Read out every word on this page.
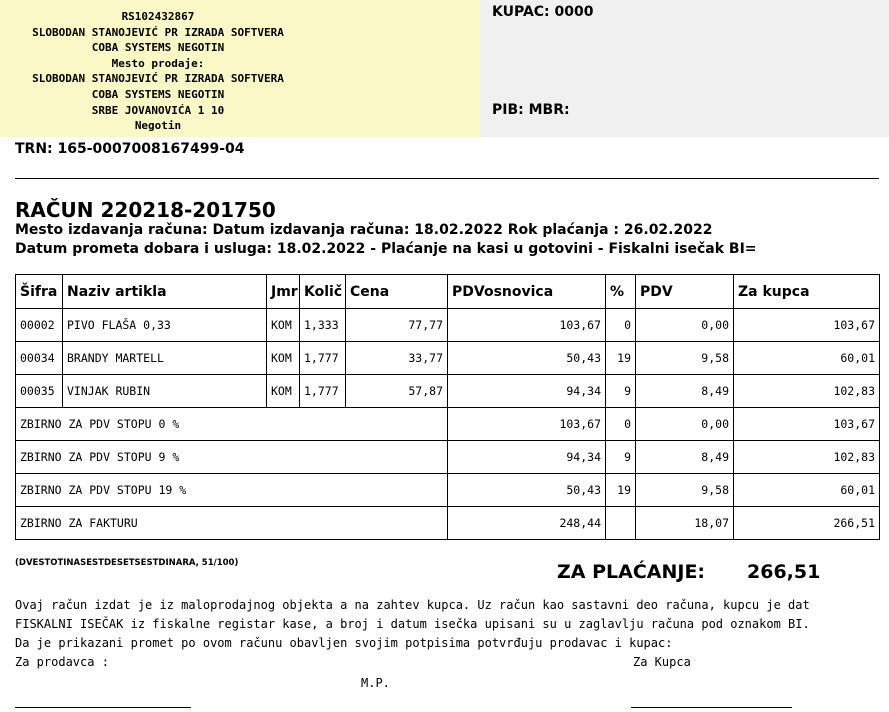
RS102432867
SLOBODAN STANOJEVIĆ PR IZRADA SOFTVERA
COBA SYSTEMS NEGOTIN
Mesto prodaje:
SLOBODAN STANOJEVIĆ PR IZRADA SOFTVERA
COBA SYSTEMS NEGOTIN
SRBE JOVANOVIĆA 1 10
Negotin
KUPAC: 0000
PIB: MBR:
TRN: 165-0007008167499-04
RAČUN 220218-201750
Mesto izdavanja računa: Datum izdavanja računa: 18.02.2022 Rok plaćanja : 26.02.2022
Datum prometa dobara i usluga: 18.02.2022 - Plaćanje na kasi u gotovini - Fiskalni isečak BI=
Šifra	Naziv artikla	Jmr	Količ	Cena	PDVosnovica	%	PDV	Za kupca
00002	PIVO FLAŠA 0,33	KOM	1,333	77,77	103,67	0	0,00	103,67
00034	BRANDY MARTELL	KOM	1,777	33,77	50,43	19	9,58	60,01
00035	VINJAK RUBIN	KOM	1,777	57,87	94,34	9	8,49	102,83
ZBIRNO ZA PDV STOPU 0 %					103,67	0	0,00	103,67
ZBIRNO ZA PDV STOPU 9 %					94,34	9	8,49	102,83
ZBIRNO ZA PDV STOPU 19 %					50,43	19	9,58	60,01
ZBIRNO ZA FAKTURU					248,44		18,07	266,51
(DVESTOTINASESTDESETSESTDINARA, 51/100)	ZA PLAĆANJE: 266,51
Ovaj račun izdat je iz maloprodajnog objekta a na zahtev kupca. Uz račun kao sastavni deo računa, kupcu je dat
FISKALNI ISEČAK iz fiskalne registar kase, a broj i datum isečka upisani su u zaglavlju računa pod oznakom BI.
Da je prikazani promet po ovom računu obavljen svojim potpisima potvrđuju prodavac i kupac:
Za prodavca :	Za Kupca
M.P.
